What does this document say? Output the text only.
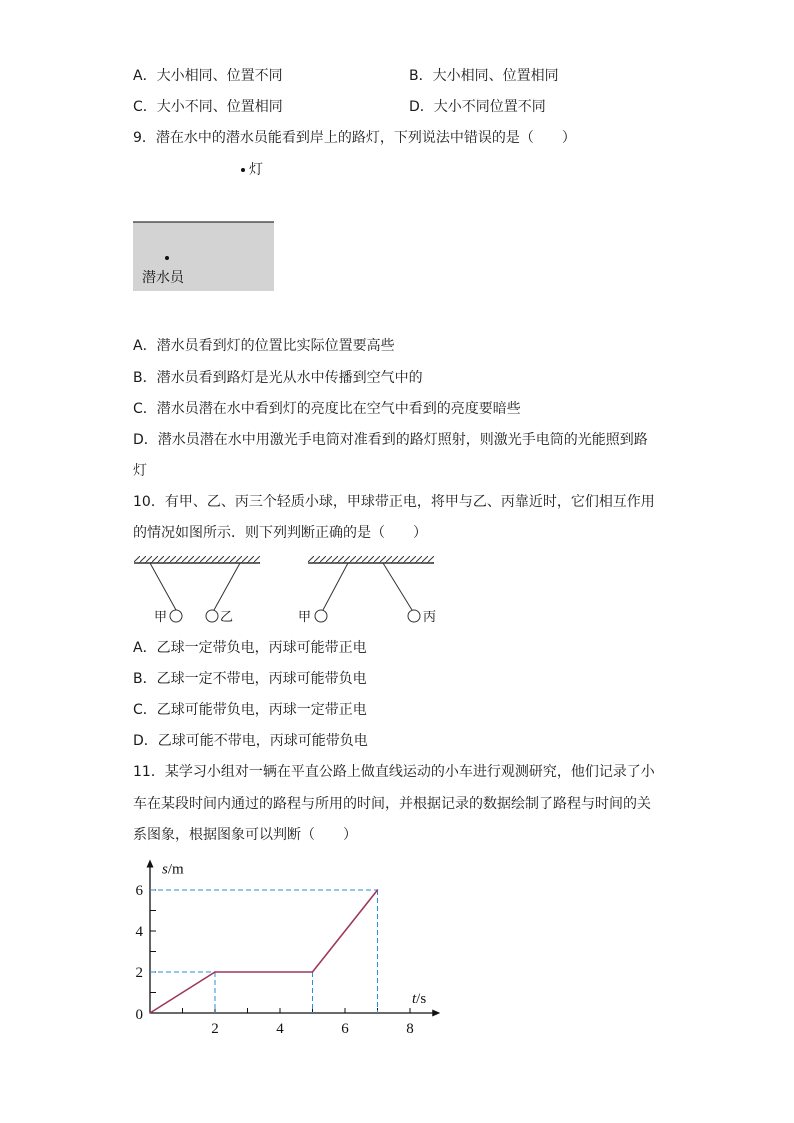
A．大小相同、位置不同	B．大小相同、位置相同
C．大小不同、位置相同	D．大小不同位置不同
9．潜在水中的潜水员能看到岸上的路灯，下列说法中错误的是（　　）
灯
潜水员
A．潜水员看到灯的位置比实际位置要高些
B．潜水员看到路灯是光从水中传播到空气中的
C．潜水员潜在水中看到灯的亮度比在空气中看到的亮度要暗些
D．潜水员潜在水中用激光手电筒对准看到的路灯照射，则激光手电筒的光能照到路
灯
10．有甲、乙、丙三个轻质小球，甲球带正电，将甲与乙、丙靠近时，它们相互作用
的情况如图所示．则下列判断正确的是（　　）
甲	乙	甲	丙
A．乙球一定带负电，丙球可能带正电
B．乙球一定不带电，丙球可能带负电
C．乙球可能带负电，丙球一定带正电
D．乙球可能不带电，丙球可能带负电
11．某学习小组对一辆在平直公路上做直线运动的小车进行观测研究，他们记录了小
车在某段时间内通过的路程与所用的时间，并根据记录的数据绘制了路程与时间的关
系图象，根据图象可以判断（　　）
2	4	6	8
2
4
6
0
s/m
t/s
